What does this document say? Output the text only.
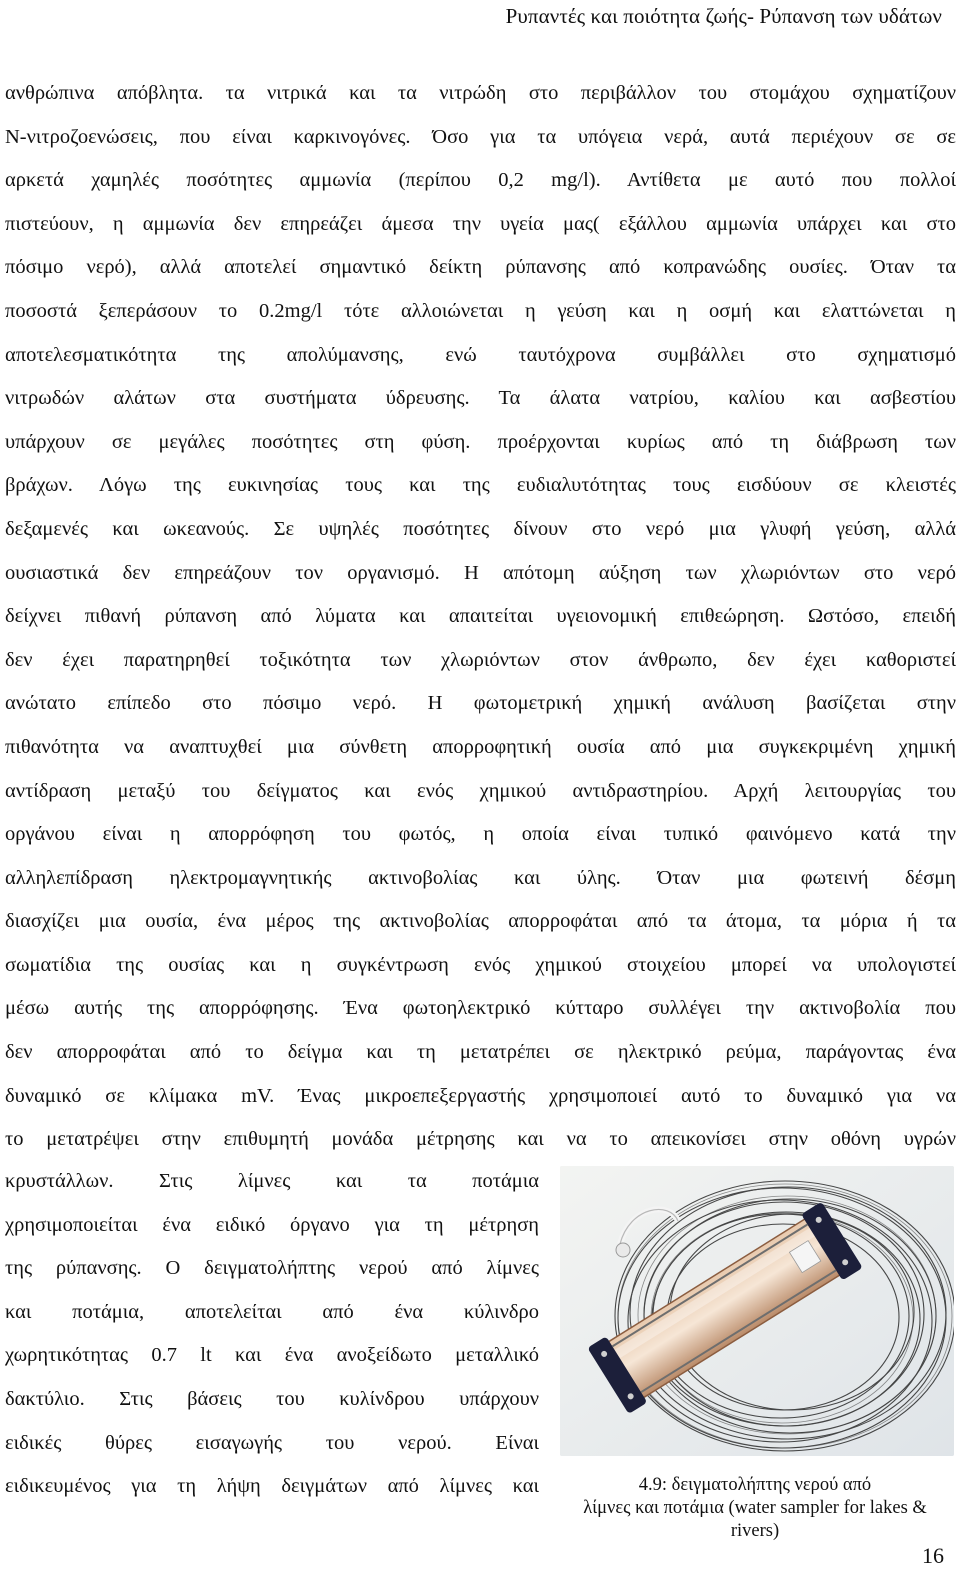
Ρυπαντές και ποιότητα ζωής- Ρύπανση των υδάτων
ανθρώπινα απόβλητα. τα νιτρικά και τα νιτρώδη στο περιβάλλον του στομάχου σχηματίζουν
Ν-νιτροζοενώσεις, που είναι καρκινογόνες. Όσο για τα υπόγεια νερά, αυτά περιέχουν σε σε
αρκετά χαμηλές ποσότητες αμμωνία (περίπου 0,2 mg/l). Αντίθετα με αυτό που πολλοί
πιστεύουν, η αμμωνία δεν επηρεάζει άμεσα την υγεία μας( εξάλλου αμμωνία υπάρχει και στο
πόσιμο νερό), αλλά αποτελεί σημαντικό δείκτη ρύπανσης από κοπρανώδης ουσίες. Όταν τα
ποσοστά ξεπεράσουν το 0.2mg/l τότε αλλοιώνεται η γεύση και η οσμή και ελαττώνεται η
αποτελεσματικότητα της απολύμανσης, ενώ ταυτόχρονα συμβάλλει στο σχηματισμό
νιτρωδών αλάτων στα συστήματα ύδρευσης. Τα άλατα νατρίου, καλίου και ασβεστίου
υπάρχουν σε μεγάλες ποσότητες στη φύση. προέρχονται κυρίως από τη διάβρωση των
βράχων. Λόγω της ευκινησίας τους και της ευδιαλυτότητας τους εισδύουν σε κλειστές
δεξαμενές και ωκεανούς. Σε υψηλές ποσότητες δίνουν στο νερό μια γλυφή γεύση, αλλά
ουσιαστικά δεν επηρεάζουν τον οργανισμό. Η απότομη αύξηση των χλωριόντων στο νερό
δείχνει πιθανή ρύπανση από λύματα και απαιτείται υγειονομική επιθεώρηση. Ωστόσο, επειδή
δεν έχει παρατηρηθεί τοξικότητα των χλωριόντων στον άνθρωπο, δεν έχει καθοριστεί
ανώτατο επίπεδο στο πόσιμο νερό. Η φωτομετρική χημική ανάλυση βασίζεται στην
πιθανότητα να αναπτυχθεί μια σύνθετη απορροφητική ουσία από μια συγκεκριμένη χημική
αντίδραση μεταξύ του δείγματος και ενός χημικού αντιδραστηρίου. Αρχή λειτουργίας του
οργάνου είναι η απορρόφηση του φωτός, η οποία είναι τυπικό φαινόμενο κατά την
αλληλεπίδραση ηλεκτρομαγνητικής ακτινοβολίας και ύλης. Όταν μια φωτεινή δέσμη
διασχίζει μια ουσία, ένα μέρος της ακτινοβολίας απορροφάται από τα άτομα, τα μόρια ή τα
σωματίδια της ουσίας και η συγκέντρωση ενός χημικού στοιχείου μπορεί να υπολογιστεί
μέσω αυτής της απορρόφησης. Ένα φωτοηλεκτρικό κύτταρο συλλέγει την ακτινοβολία που
δεν απορροφάται από το δείγμα και τη μετατρέπει σε ηλεκτρικό ρεύμα, παράγοντας ένα
δυναμικό σε κλίμακα mV. Ένας μικροεπεξεργαστής χρησιμοποιεί αυτό το δυναμικό για να
το μετατρέψει στην επιθυμητή μονάδα μέτρησης και να το απεικονίσει στην οθόνη υγρών
κρυστάλλων. Στις λίμνες και τα ποτάμια
χρησιμοποιείται ένα ειδικό όργανο για τη μέτρηση
της ρύπανσης. Ο δειγματολήπτης νερού από λίμνες
και ποτάμια, αποτελείται από ένα κύλινδρο
χωρητικότητας 0.7 lt και ένα ανοξείδωτο μεταλλικό
δακτύλιο. Στις βάσεις του κυλίνδρου υπάρχουν
ειδικές θύρες εισαγωγής του νερού. Είναι
ειδικευμένος για τη λήψη δειγμάτων από λίμνες και	4.9: δειγματολήπτης νερού από
λίμνες και ποτάμια (water sampler for lakes &
rivers)
16
